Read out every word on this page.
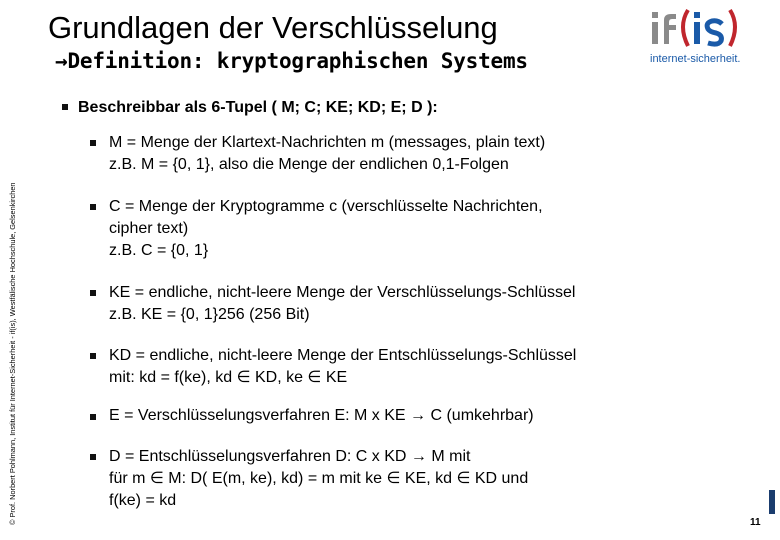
Grundlagen der Verschlüsselung
→Definition: kryptographischen Systems	internet-sicherheit.
© Prof. Norbert Pohlmann, Institut für Internet-Sicherheit - if(is), Westfälische Hochschule, Gelsenkirchen
Beschreibbar als 6-Tupel ( M; C; KE; KD; E; D ):
M = Menge der Klartext-Nachrichten m (messages, plain text)
z.B. M = {0, 1}, also die Menge der endlichen 0,1-Folgen
C = Menge der Kryptogramme c (verschlüsselte Nachrichten,
cipher text)
z.B. C = {0, 1}
KE = endliche, nicht-leere Menge der Verschlüsselungs-Schlüssel
z.B. KE = {0, 1}256 (256 Bit)
KD = endliche, nicht-leere Menge der Entschlüsselungs-Schlüssel
mit: kd = f(ke), kd ∈ KD, ke ∈ KE
E = Verschlüsselungsverfahren E: M x KE → C (umkehrbar)
D = Entschlüsselungsverfahren D: C x KD → M mit
für m ∈ M: D( E(m, ke), kd) = m mit ke ∈ KE, kd ∈ KD und
f(ke) = kd
11
